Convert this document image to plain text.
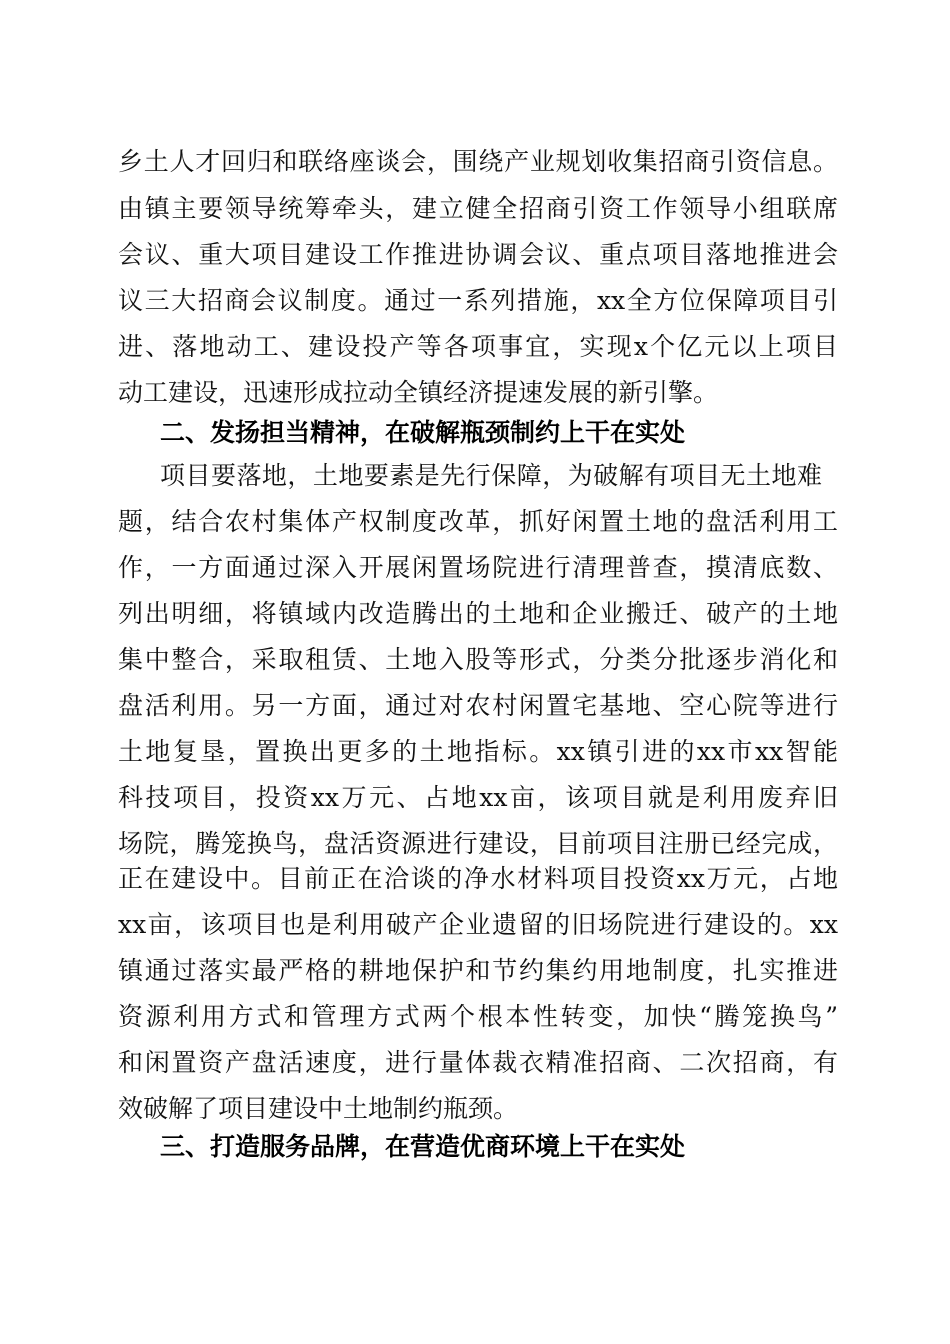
乡土人才回归和联络座谈会，围绕产业规划收集招商引资信息。
由镇主要领导统筹牵头，建立健全招商引资工作领导小组联席
会议、重大项目建设工作推进协调会议、重点项目落地推进会
议三大招商会议制度。通过一系列措施，xx全方位保障项目引
进、落地动工、建设投产等各项事宜，实现x个亿元以上项目
动工建设，迅速形成拉动全镇经济提速发展的新引擎。
二、发扬担当精神，在破解瓶颈制约上干在实处
项目要落地，土地要素是先行保障，为破解有项目无土地难
题，结合农村集体产权制度改革，抓好闲置土地的盘活利用工
作，一方面通过深入开展闲置场院进行清理普查，摸清底数、
列出明细，将镇域内改造腾出的土地和企业搬迁、破产的土地
集中整合，采取租赁、土地入股等形式，分类分批逐步消化和
盘活利用。另一方面，通过对农村闲置宅基地、空心院等进行
土地复垦，置换出更多的土地指标。xx镇引进的xx市xx智能
科技项目，投资xx万元、占地xx亩，该项目就是利用废弃旧
场院，腾笼换鸟，盘活资源进行建设，目前项目注册已经完成，
正在建设中。目前正在洽谈的净水材料项目投资xx万元，占地
xx亩，该项目也是利用破产企业遗留的旧场院进行建设的。xx
镇通过落实最严格的耕地保护和节约集约用地制度，扎实推进
资源利用方式和管理方式两个根本性转变，加快“腾笼换鸟”
和闲置资产盘活速度，进行量体裁衣精准招商、二次招商，有
效破解了项目建设中土地制约瓶颈。
三、打造服务品牌，在营造优商环境上干在实处
